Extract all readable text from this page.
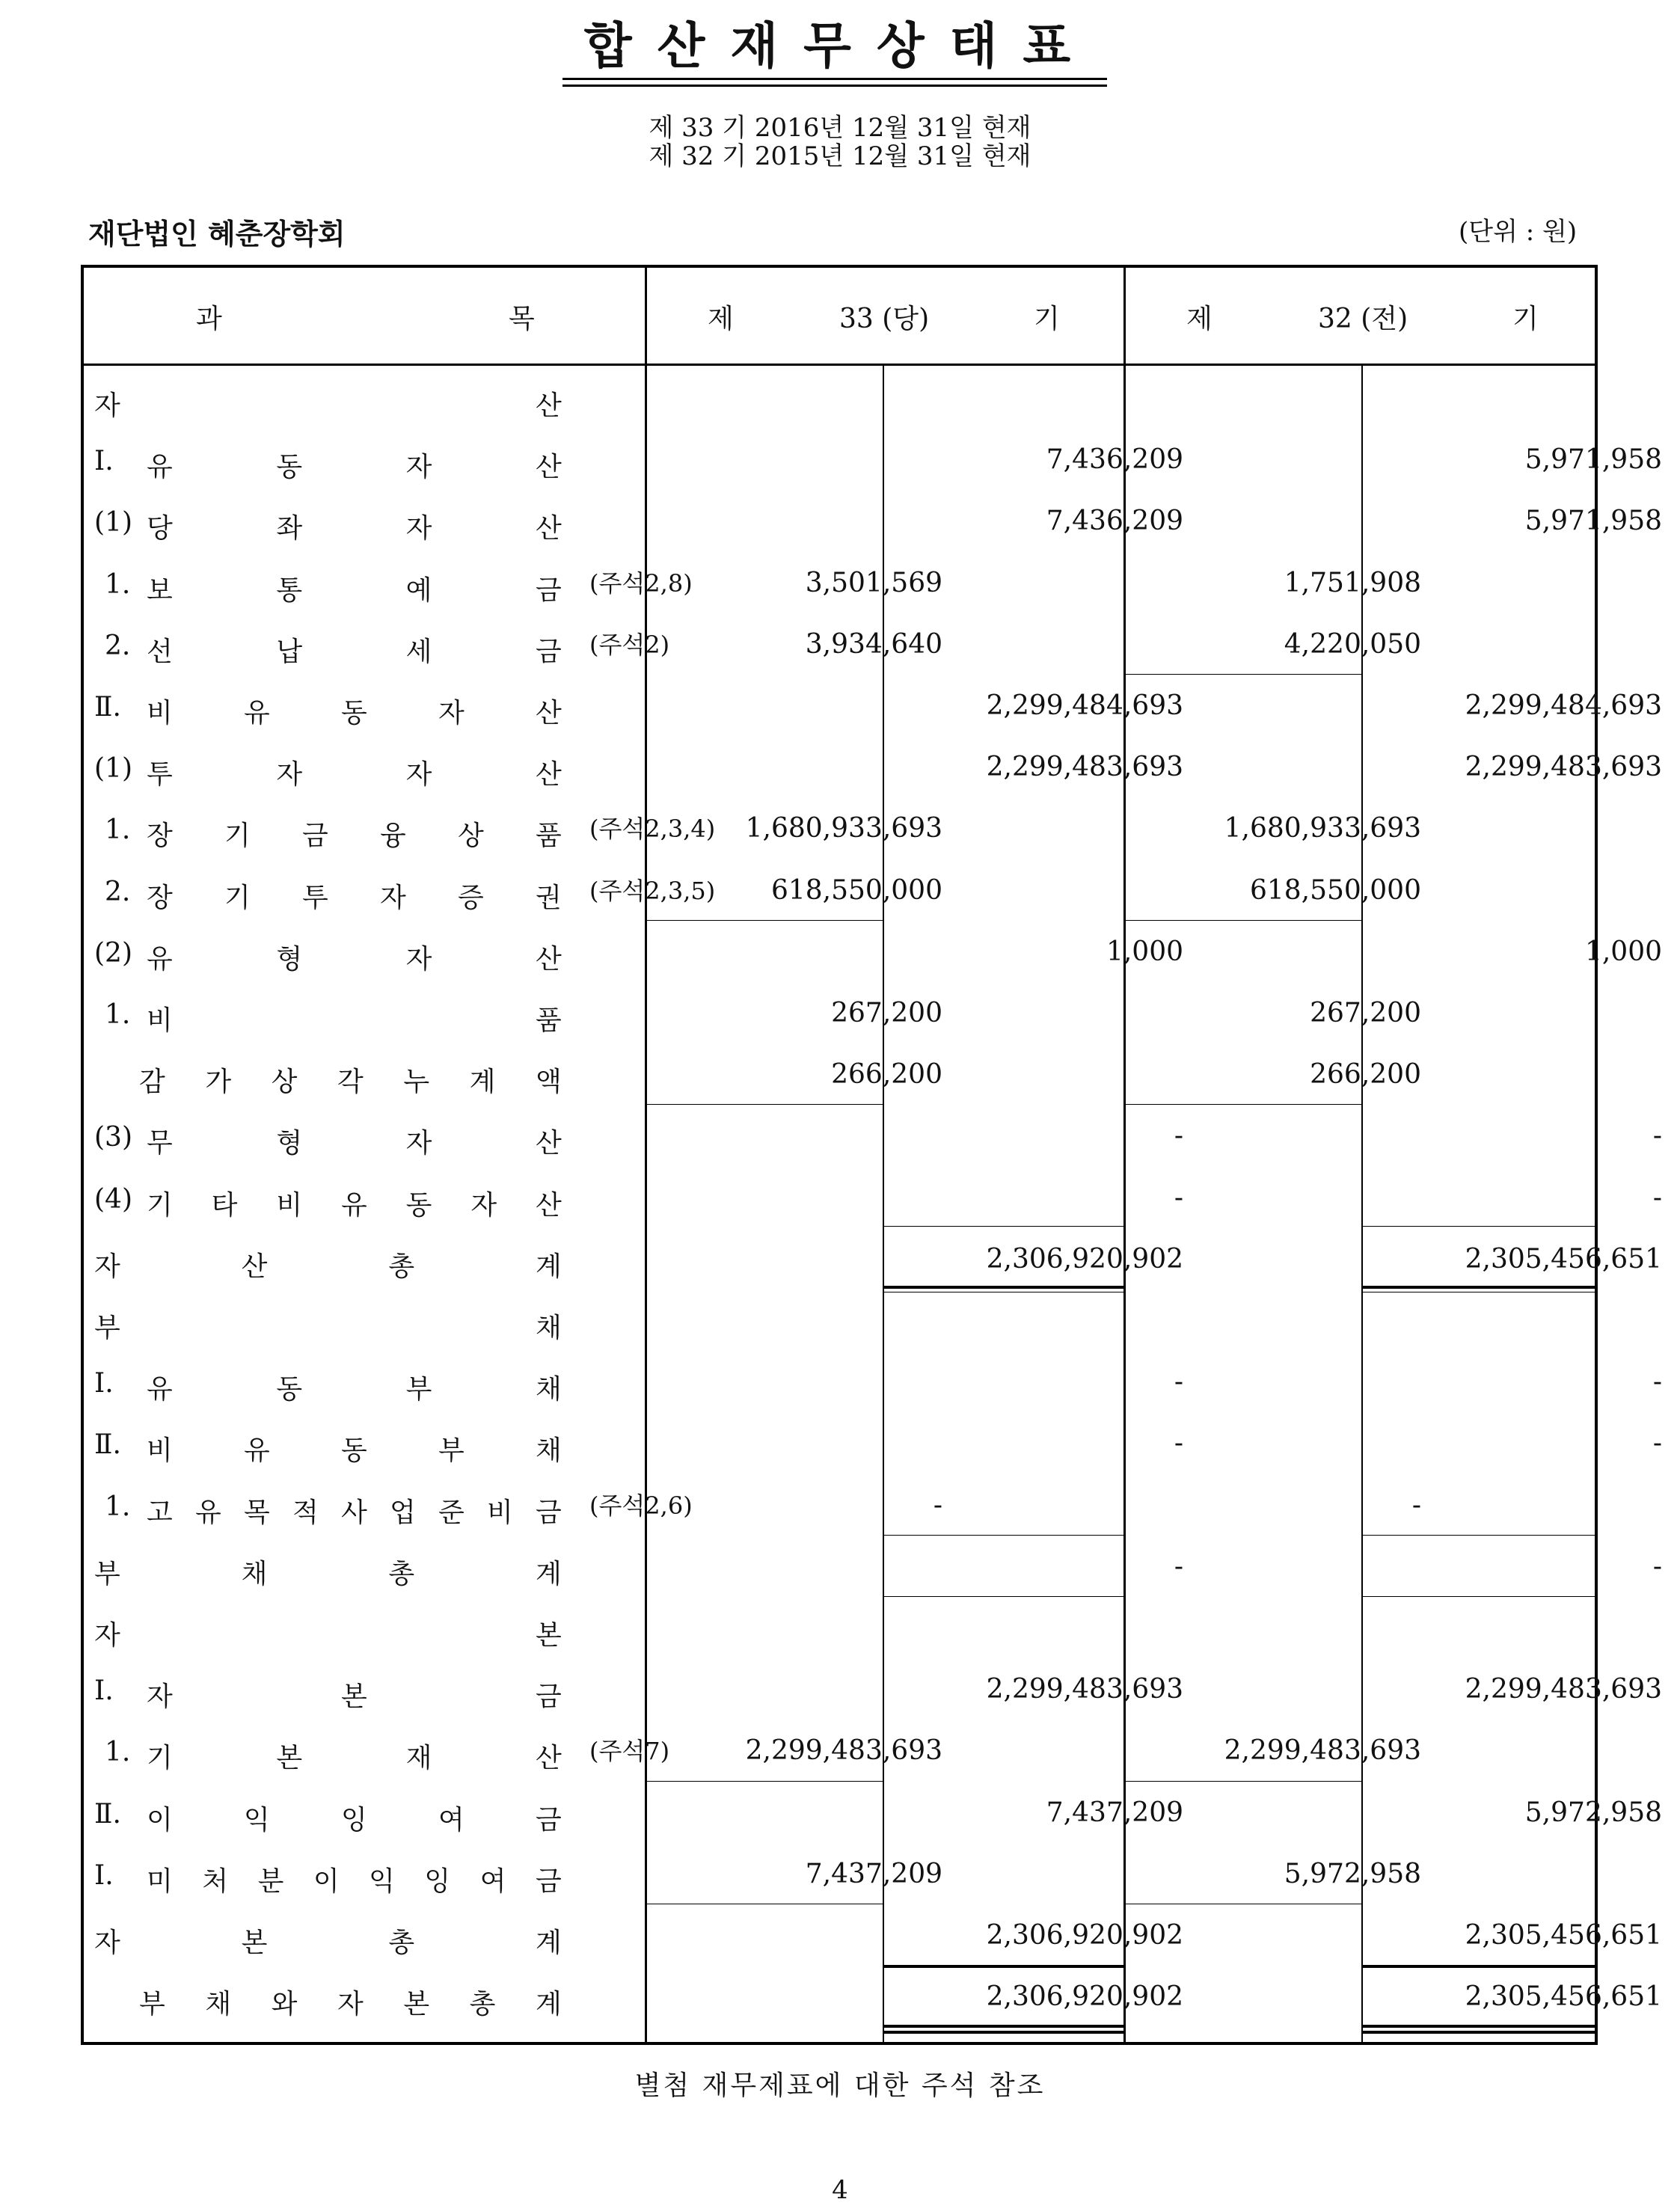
합산재무상태표
제 33 기 2016년 12월 31일 현재
제 32 기 2015년 12월 31일 현재
재단법인 혜춘장학회	(단위 : 원)
과	목	제	33 (당)	기	제	32 (전)	기
자	산
Ⅰ. 유	동	자	산	7,436,209	5,971,958
(1) 당	좌	자	산	7,436,209	5,971,958
1. 보	통	예	금 (주석2,8)	3,501,569	1,751,908
2. 선	납	세	금 (주석2)	3,934,640	4,220,050
Ⅱ. 비	유	동	자	산	2,299,484,693	2,299,484,693
(1) 투	자	자	산	2,299,483,693	2,299,483,693
1. 장 기 금 융 상 품 (주석2,3,4)	1,680,933,693	1,680,933,693
2. 장 기 투 자 증 권 (주석2,3,5)	618,550,000	618,550,000
(2) 유	형	자	산	1,000	1,000
1. 비	품	267,200	267,200
감 가 상 각 누 계 액	266,200	266,200
(3) 무	형	자	산	-	-
(4) 기 타 비 유 동 자 산	-	-
자	산	총	계	2,306,920,902	2,305,456,651
부	채
Ⅰ. 유	동	부	채	-	-
Ⅱ. 비	유	동	부	채	-	-
1. 고 유 목 적 사 업 준 비 금 (주석2,6)	-	-
부	채	총	계	-	-
자	본
Ⅰ. 자	본	금	2,299,483,693	2,299,483,693
1. 기	본	재	산 (주석7)	2,299,483,693	2,299,483,693
Ⅱ. 이	익	잉	여	금	7,437,209	5,972,958
Ⅰ. 미 처 분 이 익 잉 여 금	7,437,209	5,972,958
자	본	총	계	2,306,920,902	2,305,456,651
부 채 와 자 본 총 계	2,306,920,902	2,305,456,651
별첨 재무제표에 대한 주석 참조
4
